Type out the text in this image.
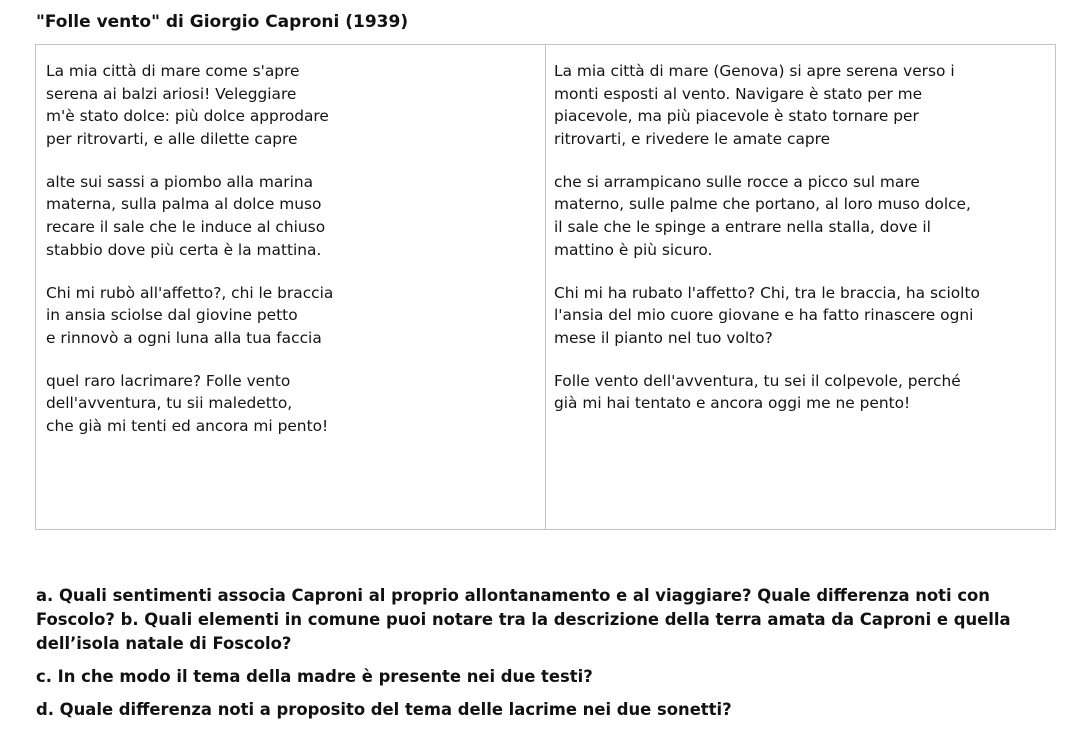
"Folle vento" di Giorgio Caproni (1939)
La mia città di mare come s'apre
serena ai balzi ariosi! Veleggiare
m'è stato dolce: più dolce approdare
per ritrovarti, e alle dilette capre
alte sui sassi a piombo alla marina
materna, sulla palma al dolce muso
recare il sale che le induce al chiuso
stabbio dove più certa è la mattina.
Chi mi rubò all'affetto?, chi le braccia
in ansia sciolse dal giovine petto
e rinnovò a ogni luna alla tua faccia
quel raro lacrimare? Folle vento
dell'avventura, tu sii maledetto,
che già mi tenti ed ancora mi pento!
La mia città di mare (Genova) si apre serena verso i
monti esposti al vento. Navigare è stato per me
piacevole, ma più piacevole è stato tornare per
ritrovarti, e rivedere le amate capre
che si arrampicano sulle rocce a picco sul mare
materno, sulle palme che portano, al loro muso dolce,
il sale che le spinge a entrare nella stalla, dove il
mattino è più sicuro.
Chi mi ha rubato l'affetto? Chi, tra le braccia, ha sciolto
l'ansia del mio cuore giovane e ha fatto rinascere ogni
mese il pianto nel tuo volto?
Folle vento dell'avventura, tu sei il colpevole, perché
già mi hai tentato e ancora oggi me ne pento!

a. Quali sentimenti associa Caproni al proprio allontanamento e al viaggiare? Quale differenza noti con Foscolo? b. Quali elementi in comune puoi notare tra la descrizione della terra amata da Caproni e quella dell’isola natale di Foscolo?

c. In che modo il tema della madre è presente nei due testi?

d. Quale differenza noti a proposito del tema delle lacrime nei due sonetti?
